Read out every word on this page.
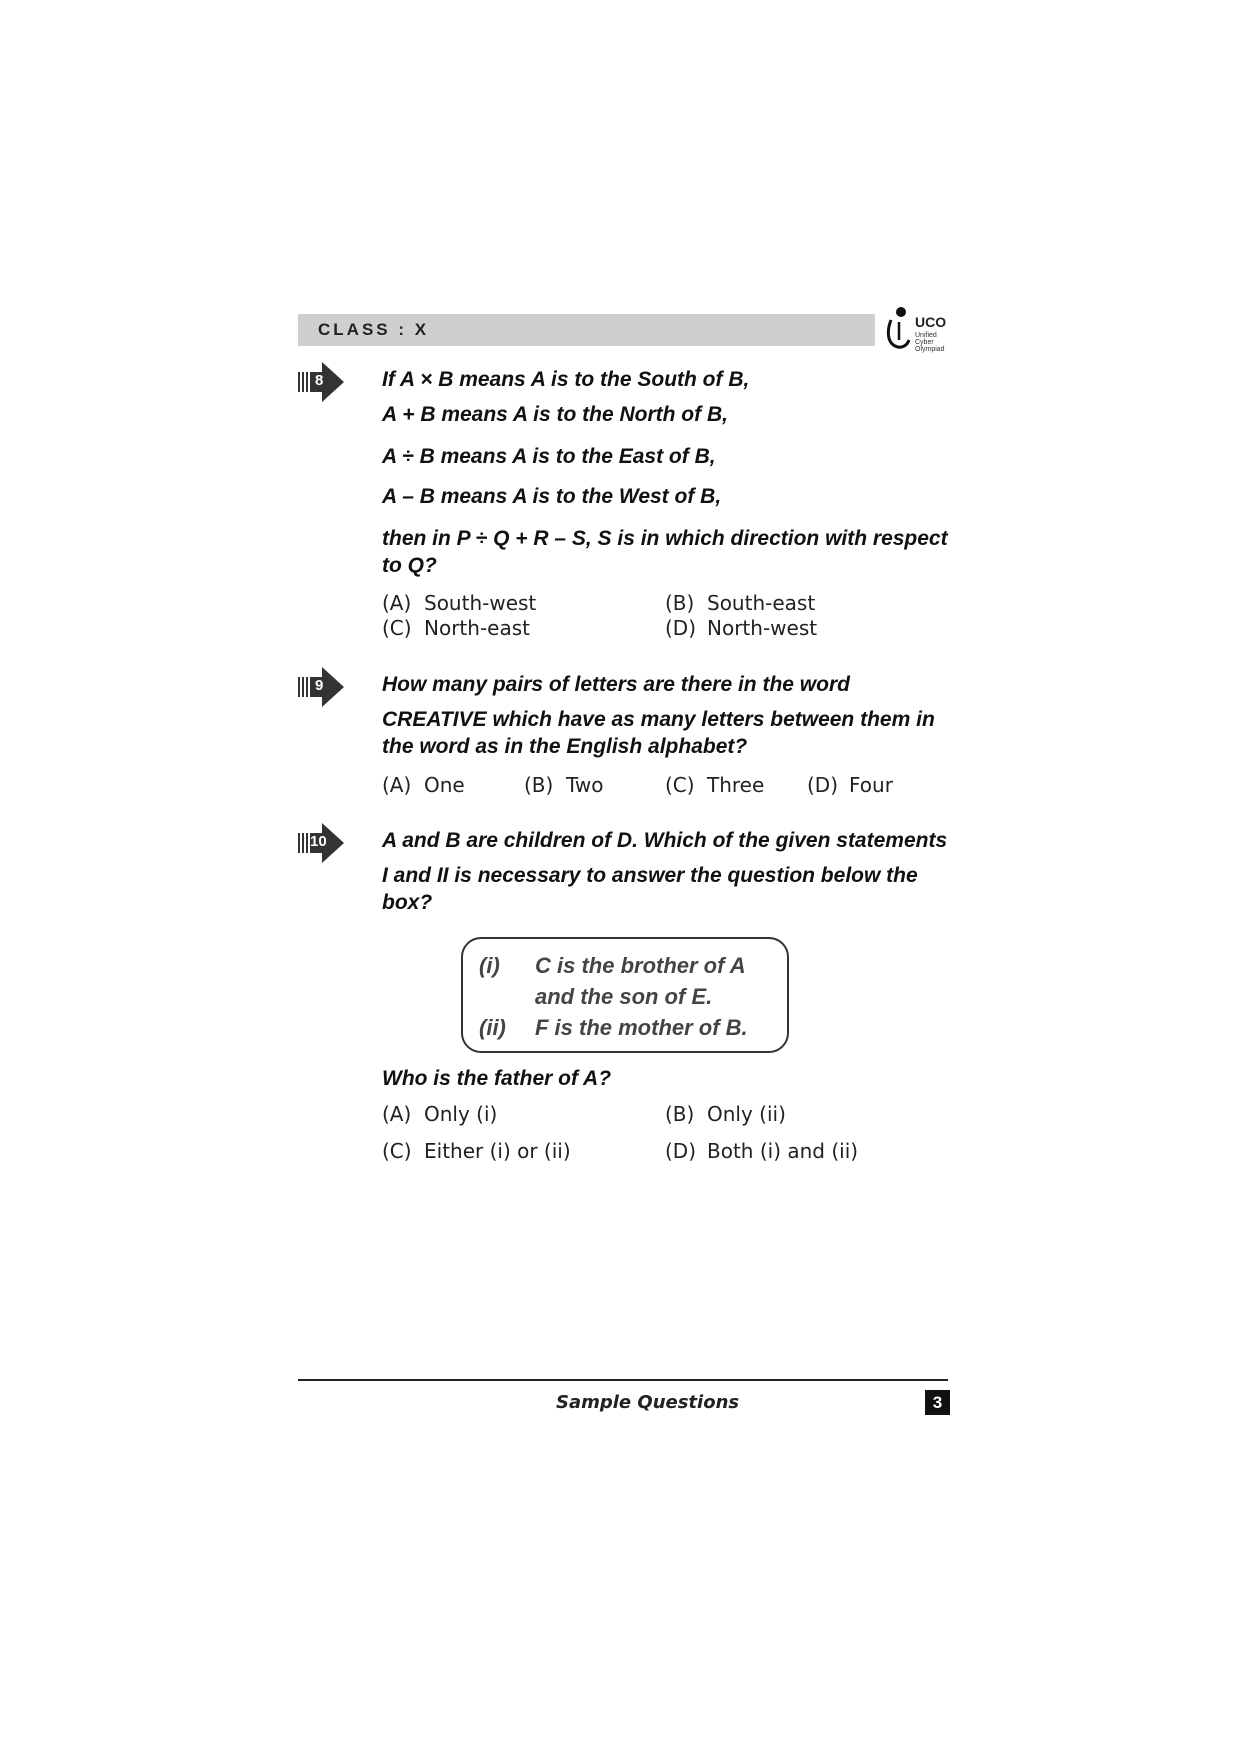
CLASS : X	UCO
Unified
Cyber
Olympiad
8	If A × B means A is to the South of B,
A + B means A is to the North of B,
A ÷ B means A is to the East of B,
A – B means A is to the West of B,
then in P ÷ Q + R – S, S is in which direction with respect to Q?
(A) South-west	(B) South-east
(C) North-east	(D) North-west
9	How many pairs of letters are there in the word
CREATIVE which have as many letters between them in the word as in the English alphabet?
(A) One	(B) Two	(C) Three (D) Four
10	A and B are children of D. Which of the given statements
I and II is necessary to answer the question below the box?
(i) C is the brother of A
and the son of E.
(ii) F is the mother of B.
Who is the father of A?
(A) Only (i)	(B) Only (ii)
(C) Either (i) or (ii)	(D) Both (i) and (ii)
Sample Questions	3
